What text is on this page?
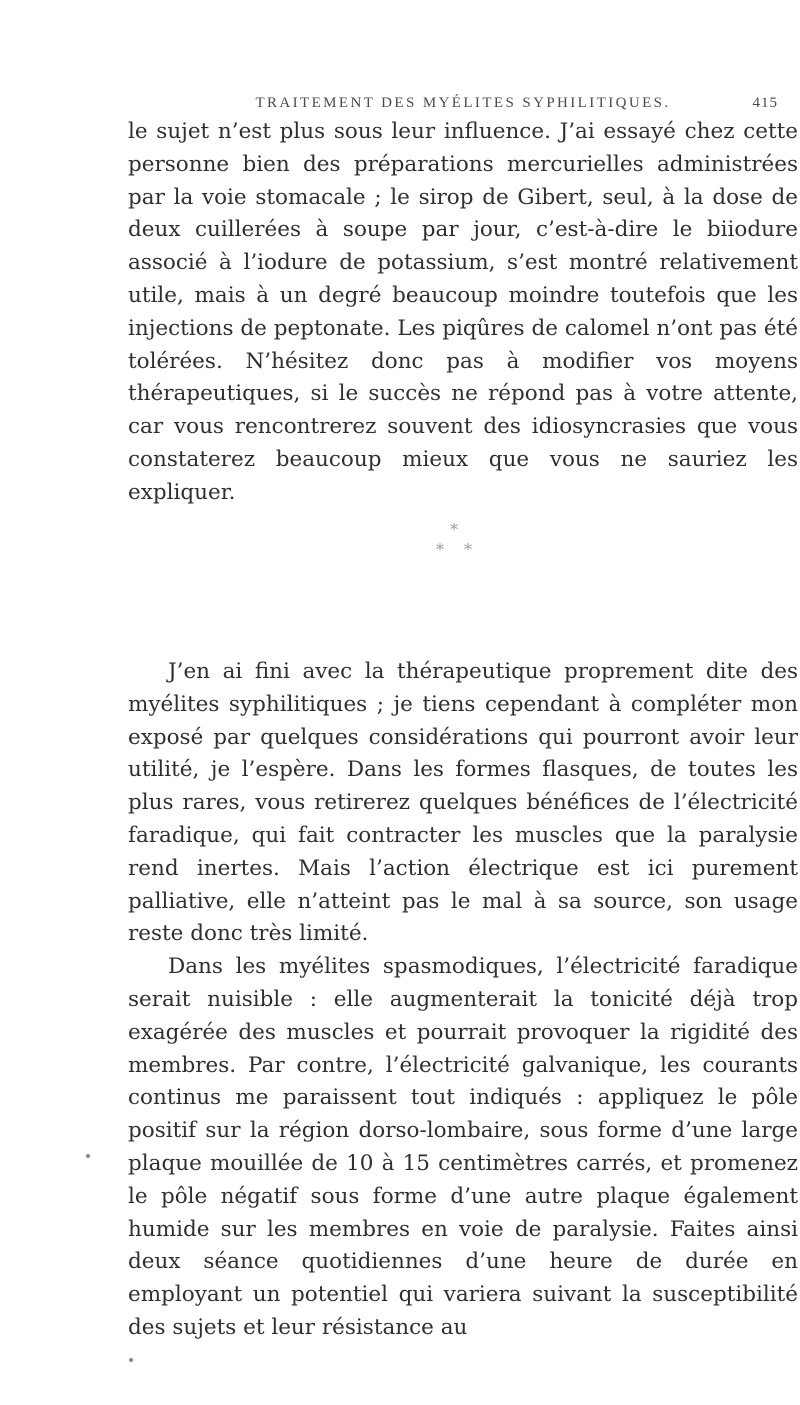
TRAITEMENT DES MYÉLITES SYPHILITIQUES.	415

le sujet n’est plus sous leur influence. J’ai essayé chez cette personne bien des préparations mercurielles administrées par la voie stomacale ; le sirop de Gibert, seul, à la dose de deux cuillerées à soupe par jour, c’est-à-dire le biiodure associé à l’iodure de potassium, s’est montré relativement utile, mais à un degré beaucoup moindre toutefois que les injections de peptonate. Les piqûres de calomel n’ont pas été tolérées. N’hésitez donc pas à modifier vos moyens thérapeutiques, si le succès ne répond pas à votre attente, car vous rencontrerez souvent des idiosyncrasies que vous constaterez beaucoup mieux que vous ne sauriez les expliquer.

*
* *

J’en ai fini avec la thérapeutique proprement dite des myélites syphilitiques ; je tiens cependant à compléter mon exposé par quelques considérations qui pourront avoir leur utilité, je l’espère. Dans les formes flasques, de toutes les plus rares, vous retirerez quelques bénéfices de l’électricité faradique, qui fait contracter les muscles que la paralysie rend inertes. Mais l’action électrique est ici purement palliative, elle n’atteint pas le mal à sa source, son usage reste donc très limité.

Dans les myélites spasmodiques, l’électricité faradique serait nuisible : elle augmenterait la tonicité déjà trop exagérée des muscles et pourrait provoquer la rigidité des membres. Par contre, l’électricité galvanique, les courants continus me paraissent tout indiqués : appliquez le pôle positif sur la région dorso-lombaire, sous forme d’une large plaque mouillée de 10 à 15 centimètres carrés, et promenez le pôle négatif sous forme d’une autre plaque également humide sur les membres en voie de paralysie. Faites ainsi deux séance quotidiennes d’une heure de durée en employant un potentiel qui variera suivant la susceptibilité des sujets et leur résistance au
